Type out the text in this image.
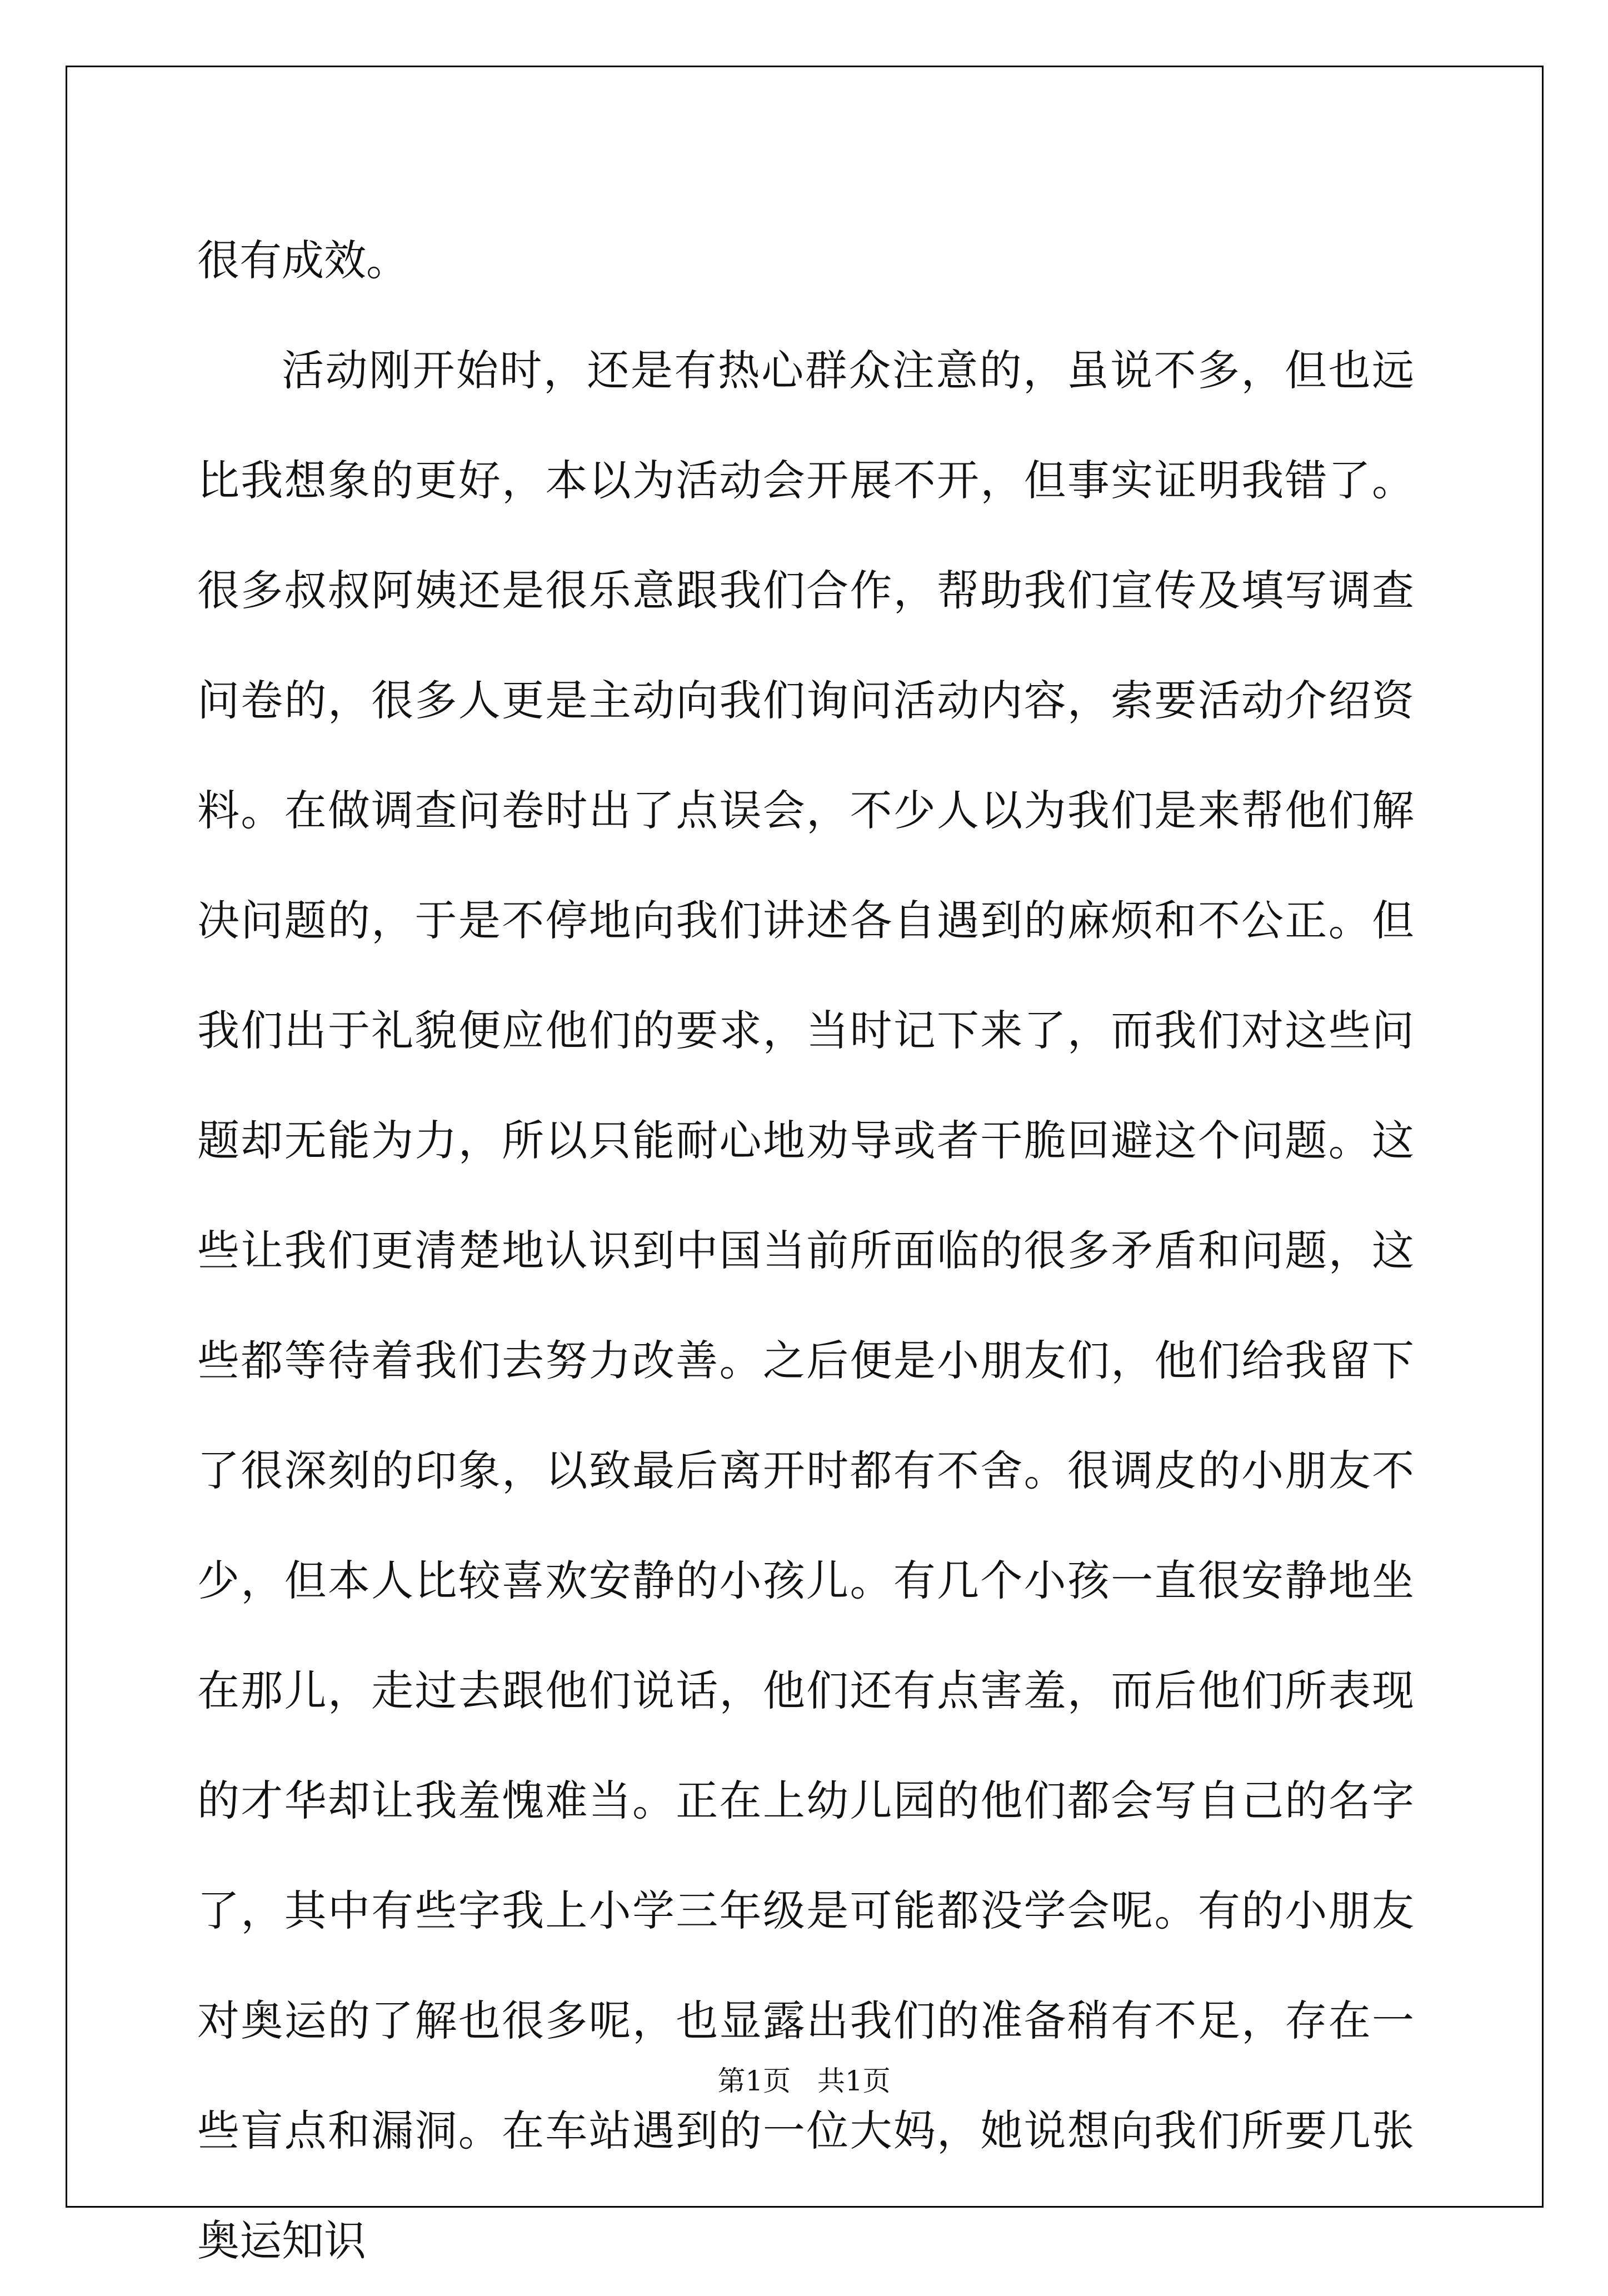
很有成效。

活动刚开始时，还是有热心群众注意的，虽说不多，但也远比我想象的更好，本以为活动会开展不开，但事实证明我错了。很多叔叔阿姨还是很乐意跟我们合作，帮助我们宣传及填写调查问卷的，很多人更是主动向我们询问活动内容，索要活动介绍资料。在做调查问卷时出了点误会，不少人以为我们是来帮他们解决问题的，于是不停地向我们讲述各自遇到的麻烦和不公正。但我们出于礼貌便应他们的要求，当时记下来了，而我们对这些问题却无能为力，所以只能耐心地劝导或者干脆回避这个问题。这些让我们更清楚地认识到中国当前所面临的很多矛盾和问题，这些都等待着我们去努力改善。之后便是小朋友们，他们给我留下了很深刻的印象，以致最后离开时都有不舍。很调皮的小朋友不少，但本人比较喜欢安静的小孩儿。有几个小孩一直很安静地坐在那儿，走过去跟他们说话，他们还有点害羞，而后他们所表现的才华却让我羞愧难当。正在上幼儿园的他们都会写自己的名字了，其中有些字我上小学三年级是可能都没学会呢。有的小朋友对奥运的了解也很多呢，也显露出我们的准备稍有不足，存在一些盲点和漏洞。在车站遇到的一位大妈，她说想向我们所要几张奥运知识

第1页 共1页
